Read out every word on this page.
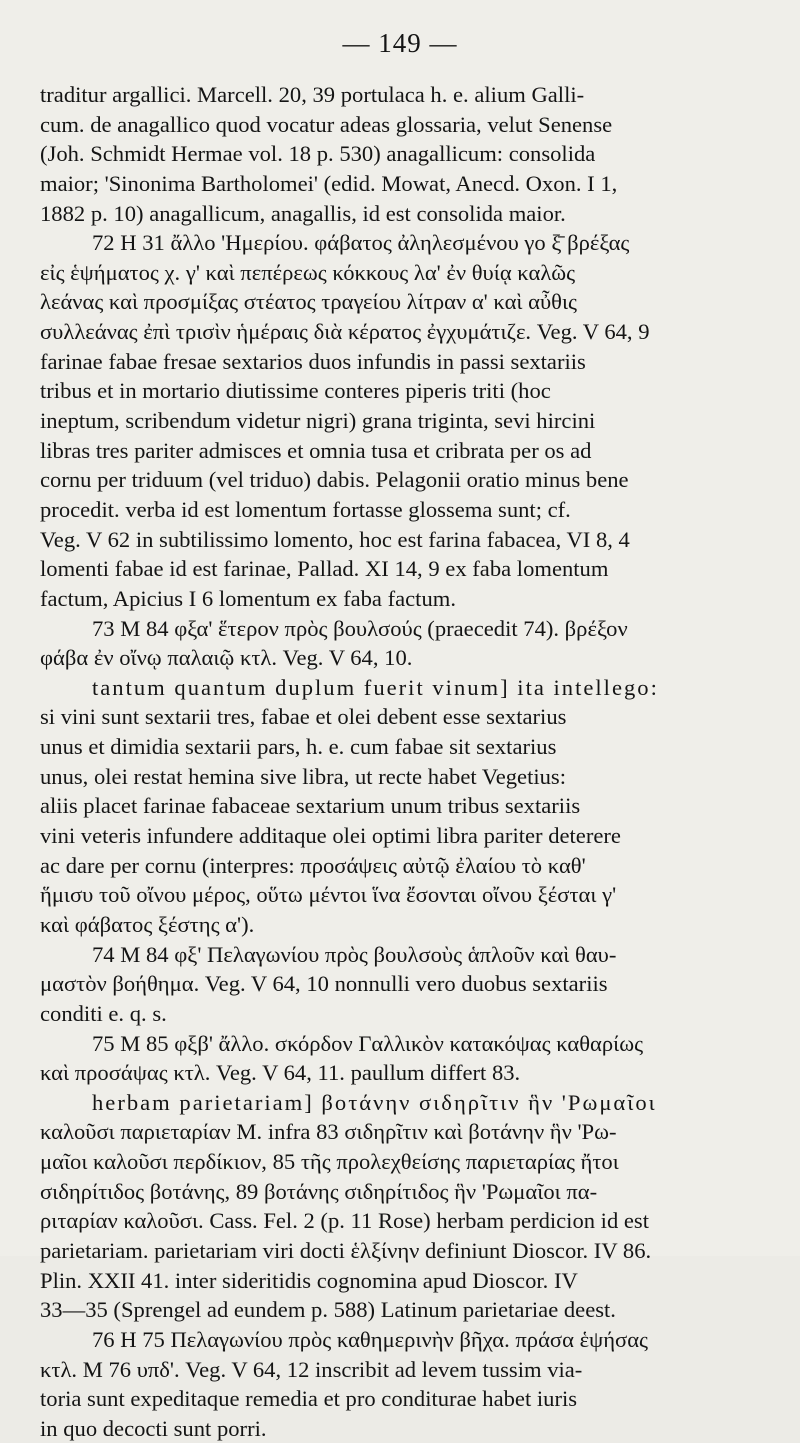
— 149 —
traditur argallici. Marcell. 20, 39 portulaca h. e. alium Galli-
cum. de anagallico quod vocatur adeas glossaria, velut Senense
(Joh. Schmidt Hermae vol. 18 p. 530) anagallicum: consolida
maior; 'Sinonima Bartholomei' (edid. Mowat, Anecd. Oxon. I 1,
1882 p. 10) anagallicum, anagallis, id est consolida maior.
72 H 31 ἄλλο 'Ημερίου. φάβατος ἀληλεσμένου γο ξ̄ βρέξας
εἰς ἑψήματος χ. γ' καὶ πεπέρεως κόκκους λα' ἐν θυίᾳ καλῶς
λεάνας καὶ προσμίξας στέατος τραγείου λίτραν α' καὶ αὖθις
συλλεάνας ἐπὶ τρισὶν ἡμέραις διὰ κέρατος ἐγχυμάτιζε. Veg. V 64, 9
farinae fabae fresae sextarios duos infundis in passi sextariis
tribus et in mortario diutissime conteres piperis triti (hoc
ineptum, scribendum videtur nigri) grana triginta, sevi hircini
libras tres pariter admisces et omnia tusa et cribrata per os ad
cornu per triduum (vel triduo) dabis. Pelagonii oratio minus bene
procedit. verba id est lomentum fortasse glossema sunt; cf.
Veg. V 62 in subtilissimo lomento, hoc est farina fabacea, VI 8, 4
lomenti fabae id est farinae, Pallad. XI 14, 9 ex faba lomentum
factum, Apicius I 6 lomentum ex faba factum.
73 M 84 φξα' ἕτερον πρὸς βουλσούς (praecedit 74). βρέξον
φάβα ἐν οἴνῳ παλαιῷ κτλ. Veg. V 64, 10.
tantum quantum duplum fuerit vinum] ita intellego:
si vini sunt sextarii tres, fabae et olei debent esse sextarius
unus et dimidia sextarii pars, h. e. cum fabae sit sextarius
unus, olei restat hemina sive libra, ut recte habet Vegetius:
aliis placet farinae fabaceae sextarium unum tribus sextariis
vini veteris infundere additaque olei optimi libra pariter deterere
ac dare per cornu (interpres: προσάψεις αὐτῷ ἐλαίου τὸ καθ'
ἥμισυ τοῦ οἴνου μέρος, οὕτω μέντοι ἵνα ἔσονται οἴνου ξέσται γ'
καὶ φάβατος ξέστης α').
74 M 84 φξ' Πελαγωνίου πρὸς βουλσοὺς ἁπλοῦν καὶ θαυ-
μαστὸν βοήθημα. Veg. V 64, 10 nonnulli vero duobus sextariis
conditi e. q. s.
75 M 85 φξβ' ἄλλο. σκόρδον Γαλλικὸν κατακόψας καθαρίως
καὶ προσάψας κτλ. Veg. V 64, 11. paullum differt 83.
herbam parietariam] βοτάνην σιδηρῖτιν ἣν 'Ρωμαῖοι
καλοῦσι παριεταρίαν M. infra 83 σιδηρῖτιν καὶ βοτάνην ἣν 'Ρω-
μαῖοι καλοῦσι περδίκιον, 85 τῆς προλεχθείσης παριεταρίας ἤτοι
σιδηρίτιδος βοτάνης, 89 βοτάνης σιδηρίτιδος ἣν 'Ρωμαῖοι πα-
ριταρίαν καλοῦσι. Cass. Fel. 2 (p. 11 Rose) herbam perdicion id est
parietariam. parietariam viri docti ἑλξίνην definiunt Dioscor. IV 86.
Plin. XXII 41. inter sideritidis cognomina apud Dioscor. IV
33—35 (Sprengel ad eundem p. 588) Latinum parietariae deest.
76 H 75 Πελαγωνίου πρὸς καθημερινὴν βῆχα. πράσα ἑψήσας
κτλ. M 76 υπδ'. Veg. V 64, 12 inscribit ad levem tussim via-
toria sunt expeditaque remedia et pro conditurae habet iuris
in quo decocti sunt porri.
